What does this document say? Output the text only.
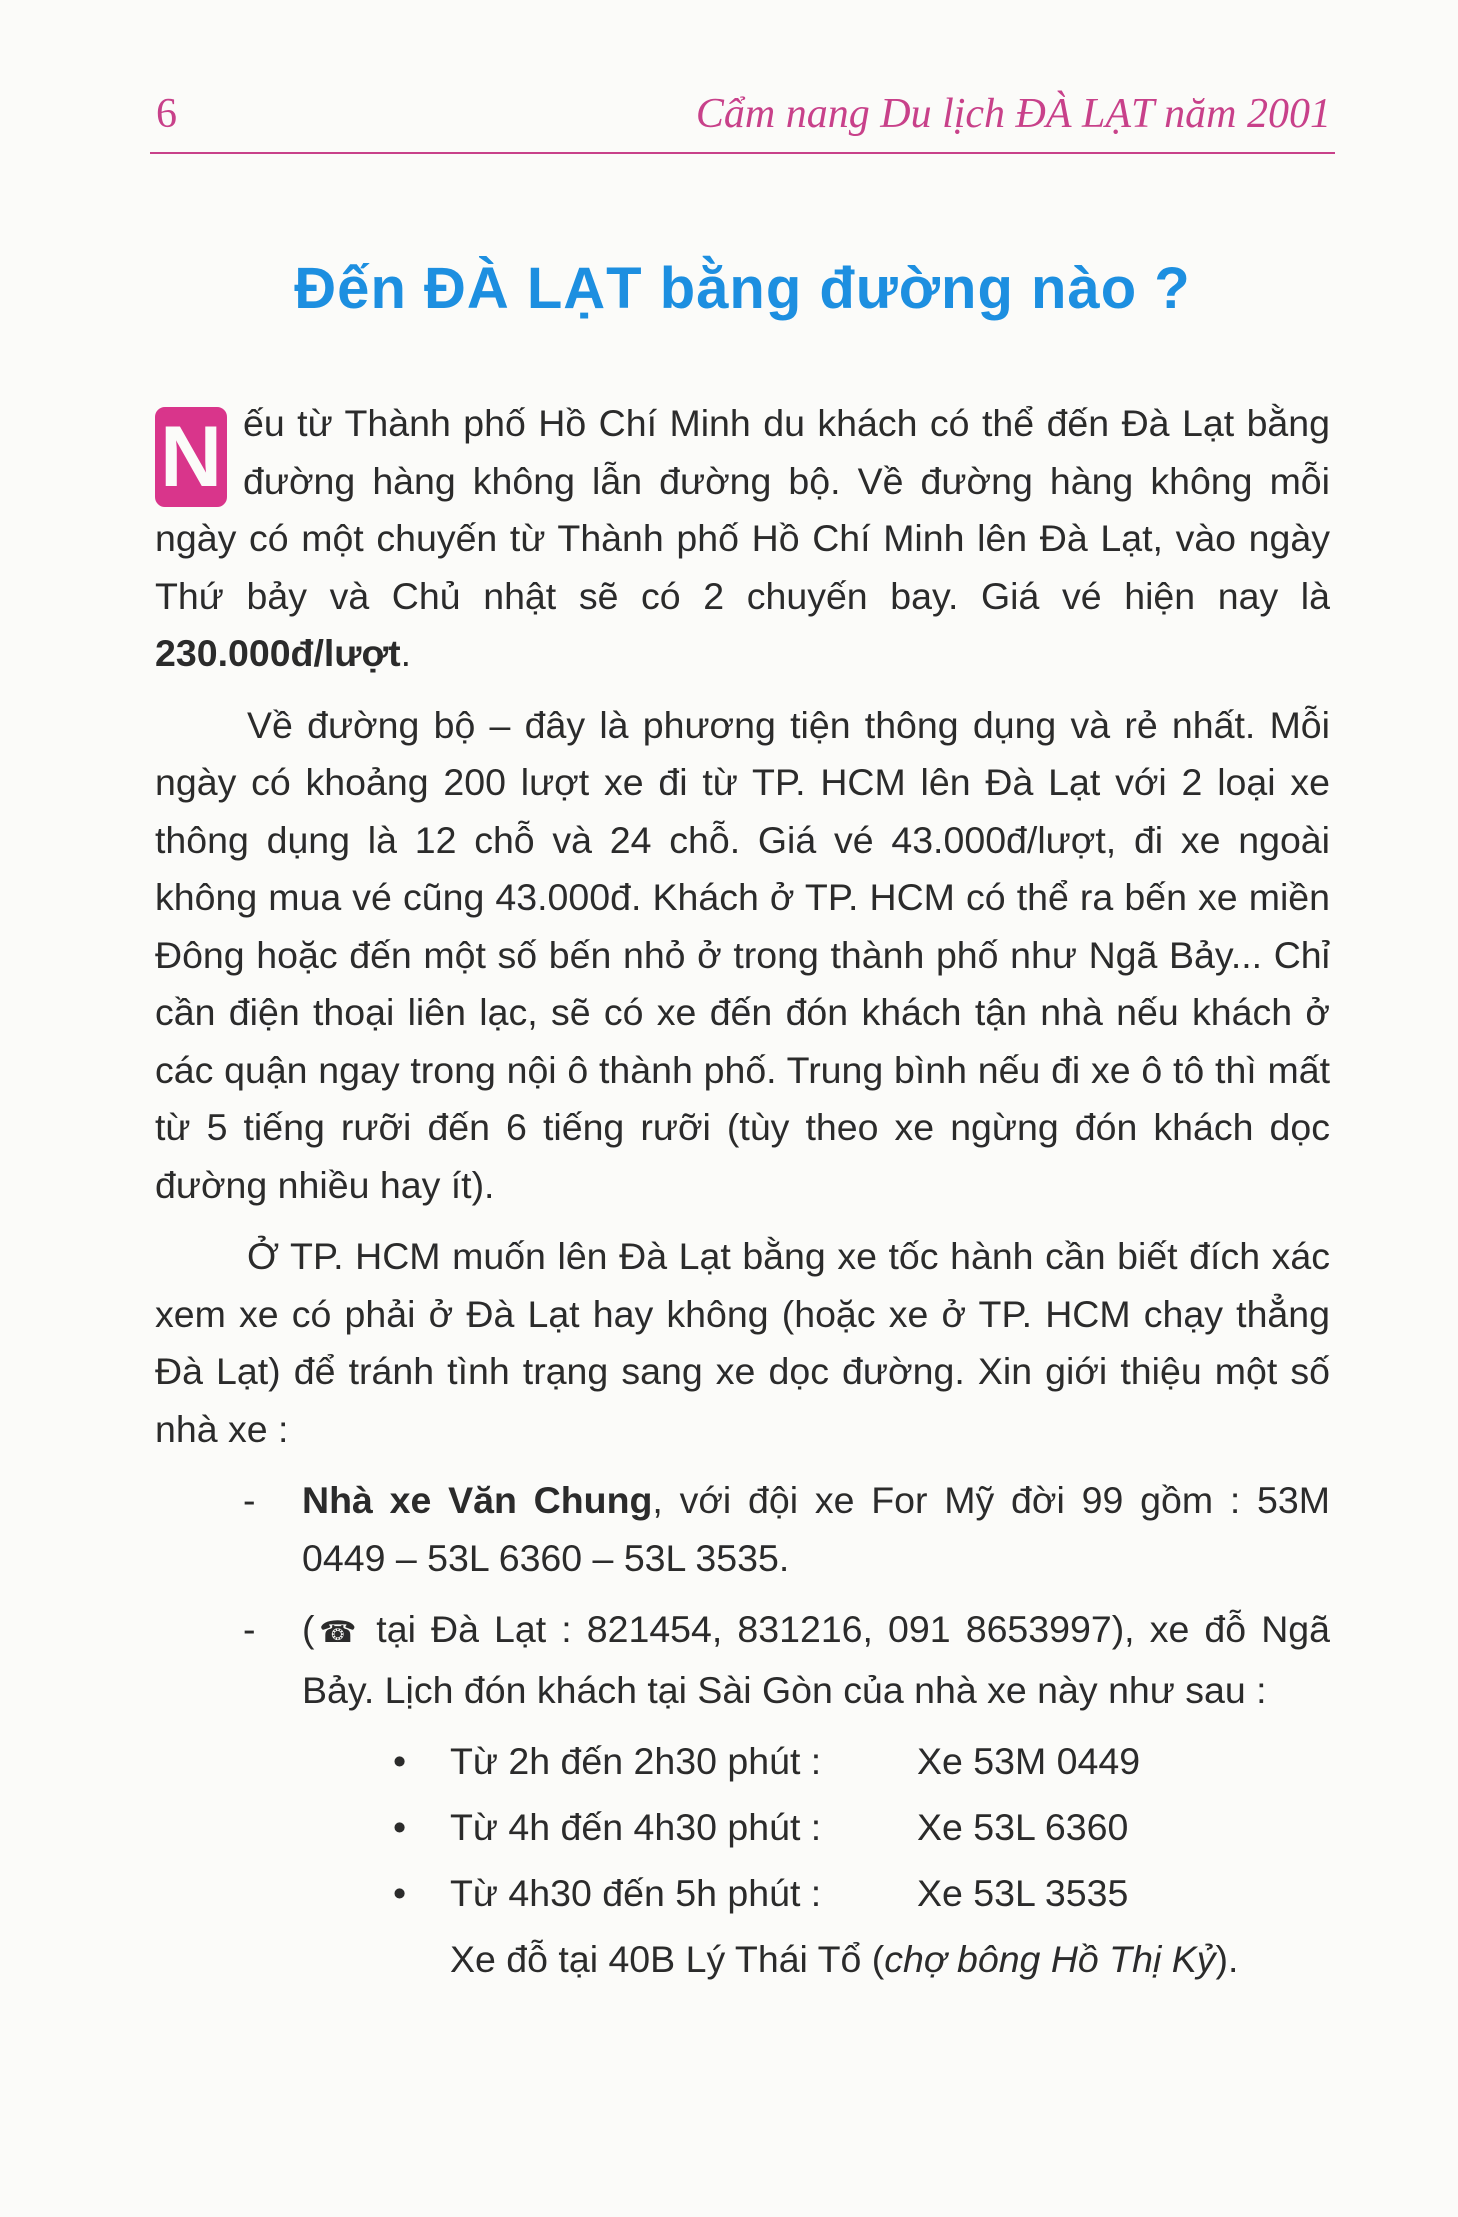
6	Cẩm nang Du lịch ĐÀ LẠT năm 2001
Đến ĐÀ LẠT bằng đường nào ?

N ếu từ Thành phố Hồ Chí Minh du khách có thể đến Đà Lạt bằng đường hàng không lẫn đường bộ. Về đường hàng không mỗi ngày có một chuyến từ Thành phố Hồ Chí Minh lên Đà Lạt, vào ngày Thứ bảy và Chủ nhật sẽ có 2 chuyến bay. Giá vé hiện nay là 230.000đ/lượt.

Về đường bộ – đây là phương tiện thông dụng và rẻ nhất. Mỗi ngày có khoảng 200 lượt xe đi từ TP. HCM lên Đà Lạt với 2 loại xe thông dụng là 12 chỗ và 24 chỗ. Giá vé 43.000đ/lượt, đi xe ngoài không mua vé cũng 43.000đ. Khách ở TP. HCM có thể ra bến xe miền Đông hoặc đến một số bến nhỏ ở trong thành phố như Ngã Bảy... Chỉ cần điện thoại liên lạc, sẽ có xe đến đón khách tận nhà nếu khách ở các quận ngay trong nội ô thành phố. Trung bình nếu đi xe ô tô thì mất từ 5 tiếng rưỡi đến 6 tiếng rưỡi (tùy theo xe ngừng đón khách dọc đường nhiều hay ít).

Ở TP. HCM muốn lên Đà Lạt bằng xe tốc hành cần biết đích xác xem xe có phải ở Đà Lạt hay không (hoặc xe ở TP. HCM chạy thẳng Đà Lạt) để tránh tình trạng sang xe dọc đường. Xin giới thiệu một số nhà xe :

- Nhà xe Văn Chung, với đội xe For Mỹ đời 99 gồm : 53M 0449 – 53L 6360 – 53L 3535.

- (☎ tại Đà Lạt : 821454, 831216, 091 8653997), xe đỗ Ngã Bảy. Lịch đón khách tại Sài Gòn của nhà xe này như sau :

• Từ 2h đến 2h30 phút :	Xe 53M 0449
• Từ 4h đến 4h30 phút :	Xe 53L 6360
• Từ 4h30 đến 5h phút :	Xe 53L 3535

Xe đỗ tại 40B Lý Thái Tổ (chợ bông Hồ Thị Kỷ).
